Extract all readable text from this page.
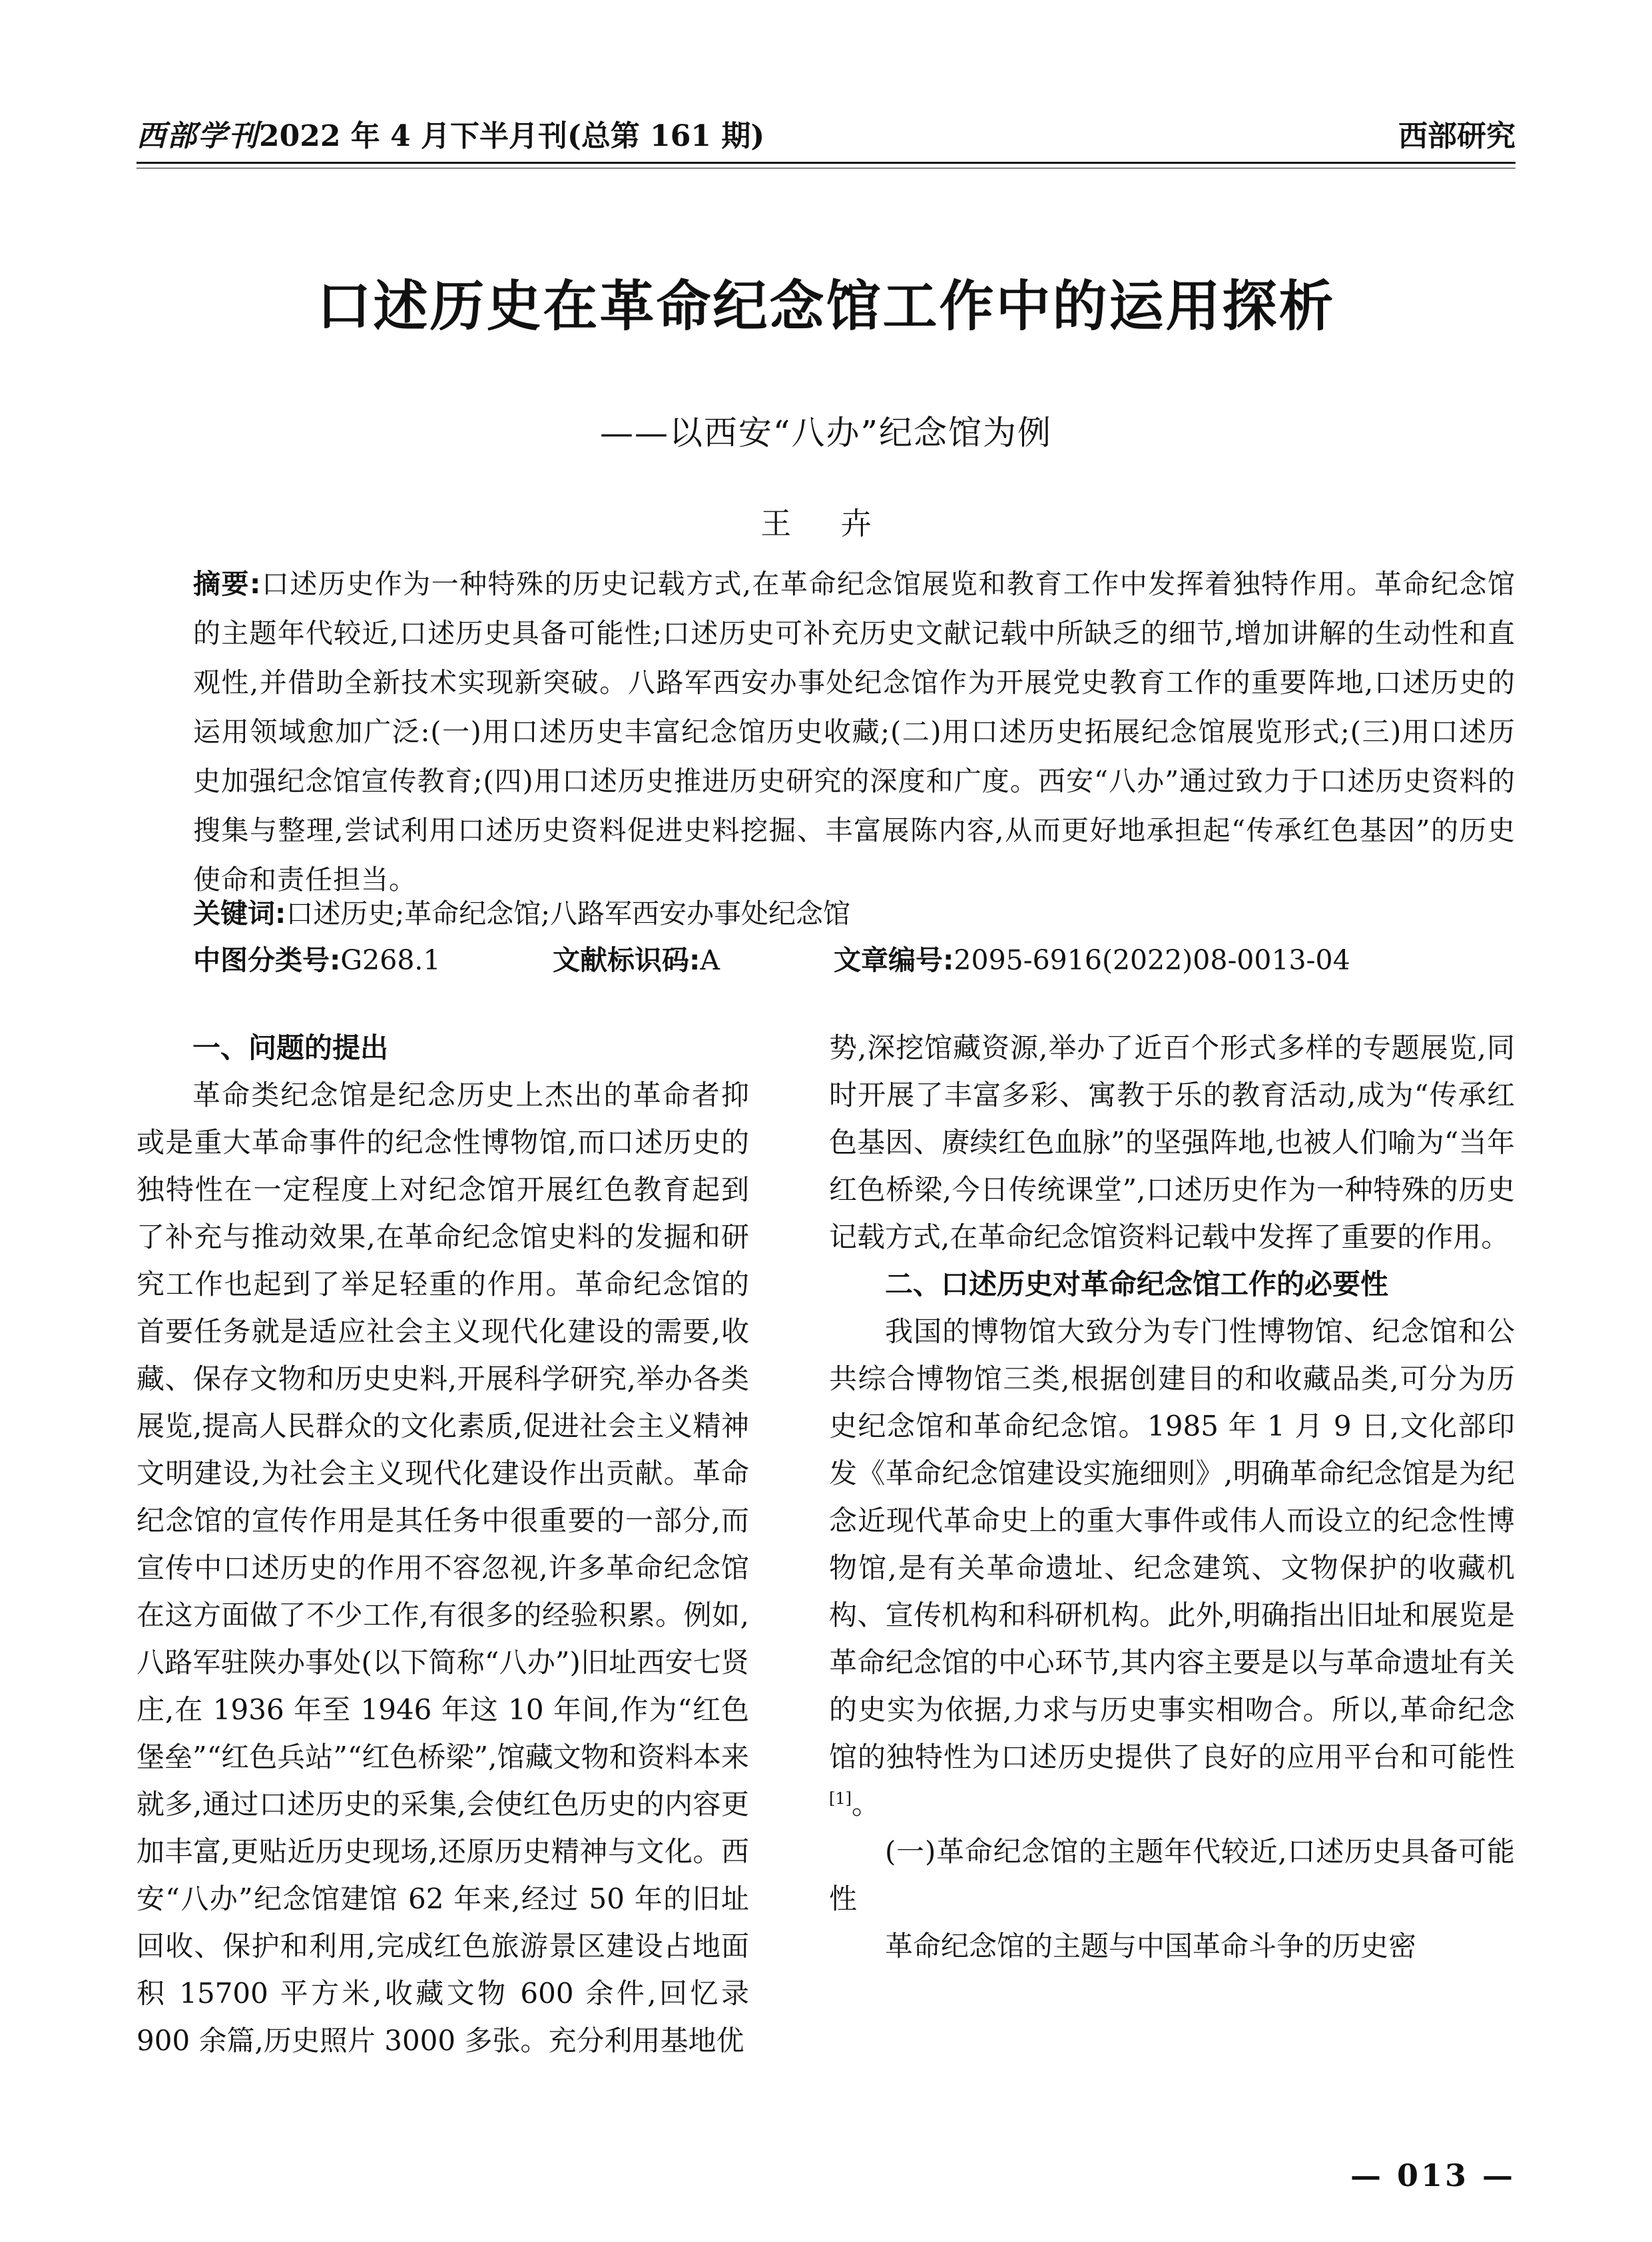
西部学刊2022 年 4 月下半月刊(总第 161 期)	西部研究
口述历史在革命纪念馆工作中的运用探析
——以西安“八办”纪念馆为例
王 卉
摘要:口述历史作为一种特殊的历史记载方式,在革命纪念馆展览和教育工作中发挥着独特作用。革命纪念馆的主题年代较近,口述历史具备可能性;口述历史可补充历史文献记载中所缺乏的细节,增加讲解的生动性和直观性,并借助全新技术实现新突破。八路军西安办事处纪念馆作为开展党史教育工作的重要阵地,口述历史的运用领域愈加广泛:(一)用口述历史丰富纪念馆历史收藏;(二)用口述历史拓展纪念馆展览形式;(三)用口述历史加强纪念馆宣传教育;(四)用口述历史推进历史研究的深度和广度。西安“八办”通过致力于口述历史资料的搜集与整理,尝试利用口述历史资料促进史料挖掘、丰富展陈内容,从而更好地承担起“传承红色基因”的历史使命和责任担当。
关键词:口述历史;革命纪念馆;八路军西安办事处纪念馆
中图分类号:G268.1	文献标识码:A	文章编号:2095-6916(2022)08-0013-04
一、问题的提出

革命类纪念馆是纪念历史上杰出的革命者抑或是重大革命事件的纪念性博物馆,而口述历史的独特性在一定程度上对纪念馆开展红色教育起到了补充与推动效果,在革命纪念馆史料的发掘和研究工作也起到了举足轻重的作用。革命纪念馆的首要任务就是适应社会主义现代化建设的需要,收藏、保存文物和历史史料,开展科学研究,举办各类展览,提高人民群众的文化素质,促进社会主义精神文明建设,为社会主义现代化建设作出贡献。革命纪念馆的宣传作用是其任务中很重要的一部分,而宣传中口述历史的作用不容忽视,许多革命纪念馆在这方面做了不少工作,有很多的经验积累。例如,八路军驻陕办事处(以下简称“八办”)旧址西安七贤庄,在 1936 年至 1946 年这 10 年间,作为“红色堡垒”“红色兵站”“红色桥梁”,馆藏文物和资料本来就多,通过口述历史的采集,会使红色历史的内容更加丰富,更贴近历史现场,还原历史精神与文化。西安“八办”纪念馆建馆 62 年来,经过 50 年的旧址回收、保护和利用,完成红色旅游景区建设占地面积 15700 平方米,收藏文物 600 余件,回忆录 900 余篇,历史照片 3000 多张。充分利用基地优

势,深挖馆藏资源,举办了近百个形式多样的专题展览,同时开展了丰富多彩、寓教于乐的教育活动,成为“传承红色基因、赓续红色血脉”的坚强阵地,也被人们喻为“当年红色桥梁,今日传统课堂”,口述历史作为一种特殊的历史记载方式,在革命纪念馆资料记载中发挥了重要的作用。

二、口述历史对革命纪念馆工作的必要性

我国的博物馆大致分为专门性博物馆、纪念馆和公共综合博物馆三类,根据创建目的和收藏品类,可分为历史纪念馆和革命纪念馆。1985 年 1 月 9 日,文化部印发《革命纪念馆建设实施细则》,明确革命纪念馆是为纪念近现代革命史上的重大事件或伟人而设立的纪念性博物馆,是有关革命遗址、纪念建筑、文物保护的收藏机构、宣传机构和科研机构。此外,明确指出旧址和展览是革命纪念馆的中心环节,其内容主要是以与革命遗址有关的史实为依据,力求与历史事实相吻合。所以,革命纪念馆的独特性为口述历史提供了良好的应用平台和可能性[1]。

(一)革命纪念馆的主题年代较近,口述历史具备可能性

革命纪念馆的主题与中国革命斗争的历史密

— 013 —
